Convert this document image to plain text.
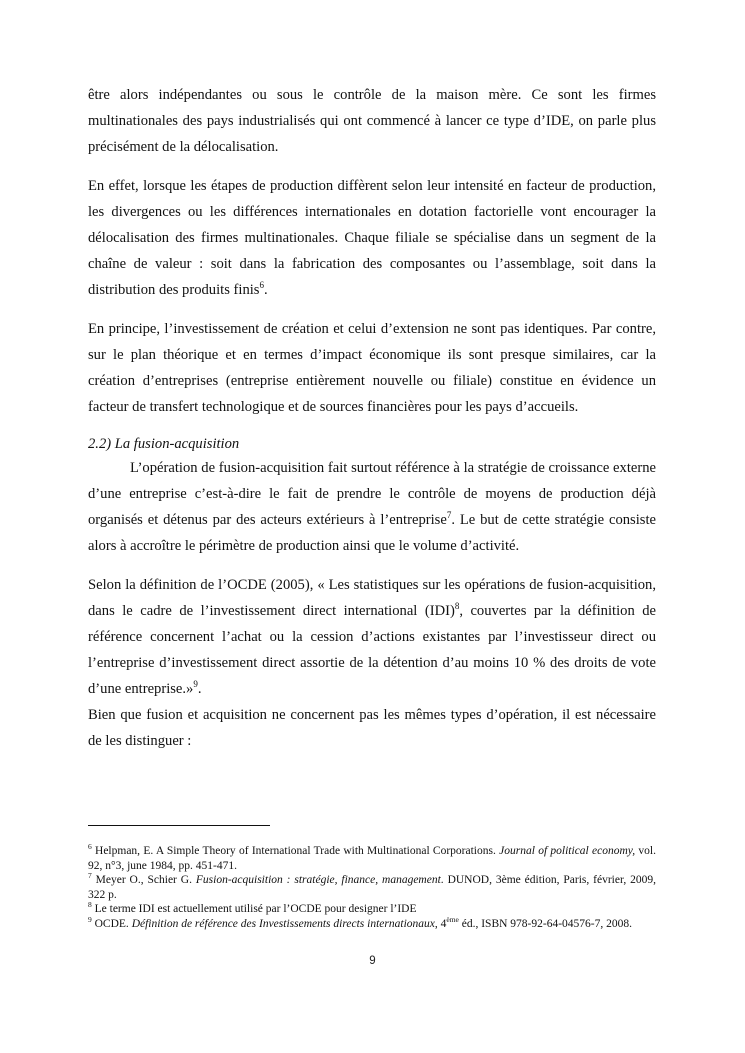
être alors indépendantes ou sous le contrôle de la maison mère. Ce sont les firmes multinationales des pays industrialisés qui ont commencé à lancer ce type d’IDE, on parle plus précisément de la délocalisation.

En effet, lorsque les étapes de production diffèrent selon leur intensité en facteur de production, les divergences ou les différences internationales en dotation factorielle vont encourager la délocalisation des firmes multinationales. Chaque filiale se spécialise dans un segment de la chaîne de valeur : soit dans la fabrication des composantes ou l’assemblage, soit dans la distribution des produits finis$^6$.

En principe, l’investissement de création et celui d’extension ne sont pas identiques. Par contre, sur le plan théorique et en termes d’impact économique ils sont presque similaires, car la création d’entreprises (entreprise entièrement nouvelle ou filiale) constitue en évidence un facteur de transfert technologique et de sources financières pour les pays d’accueils.

2.2) La fusion-acquisition

L’opération de fusion-acquisition fait surtout référence à la stratégie de croissance externe d’une entreprise c’est-à-dire le fait de prendre le contrôle de moyens de production déjà organisés et détenus par des acteurs extérieurs à l’entreprise$^7$. Le but de cette stratégie consiste alors à accroître le périmètre de production ainsi que le volume d’activité.

Selon la définition de l’OCDE (2005), « Les statistiques sur les opérations de fusion-acquisition, dans le cadre de l’investissement direct international (IDI)$^8$, couvertes par la définition de référence concernent l’achat ou la cession d’actions existantes par l’investisseur direct ou l’entreprise d’investissement direct assortie de la détention d’au moins 10 % des droits de vote d’une entreprise.»$^9$.

Bien que fusion et acquisition ne concernent pas les mêmes types d’opération, il est nécessaire de les distinguer :

$^6$ Helpman, E. A Simple Theory of International Trade with Multinational Corporations. Journal of political economy, vol. 92, n°3, june 1984, pp. 451-471.

$^7$ Meyer O., Schier G. Fusion-acquisition : stratégie, finance, management. DUNOD, 3ème édition, Paris, février, 2009, 322 p.

$^8$ Le terme IDI est actuellement utilisé par l’OCDE pour designer l’IDE

$^9$ OCDE. Définition de référence des Investissements directs internationaux, 4ème éd., ISBN 978-92-64-04576-7, 2008.

9
